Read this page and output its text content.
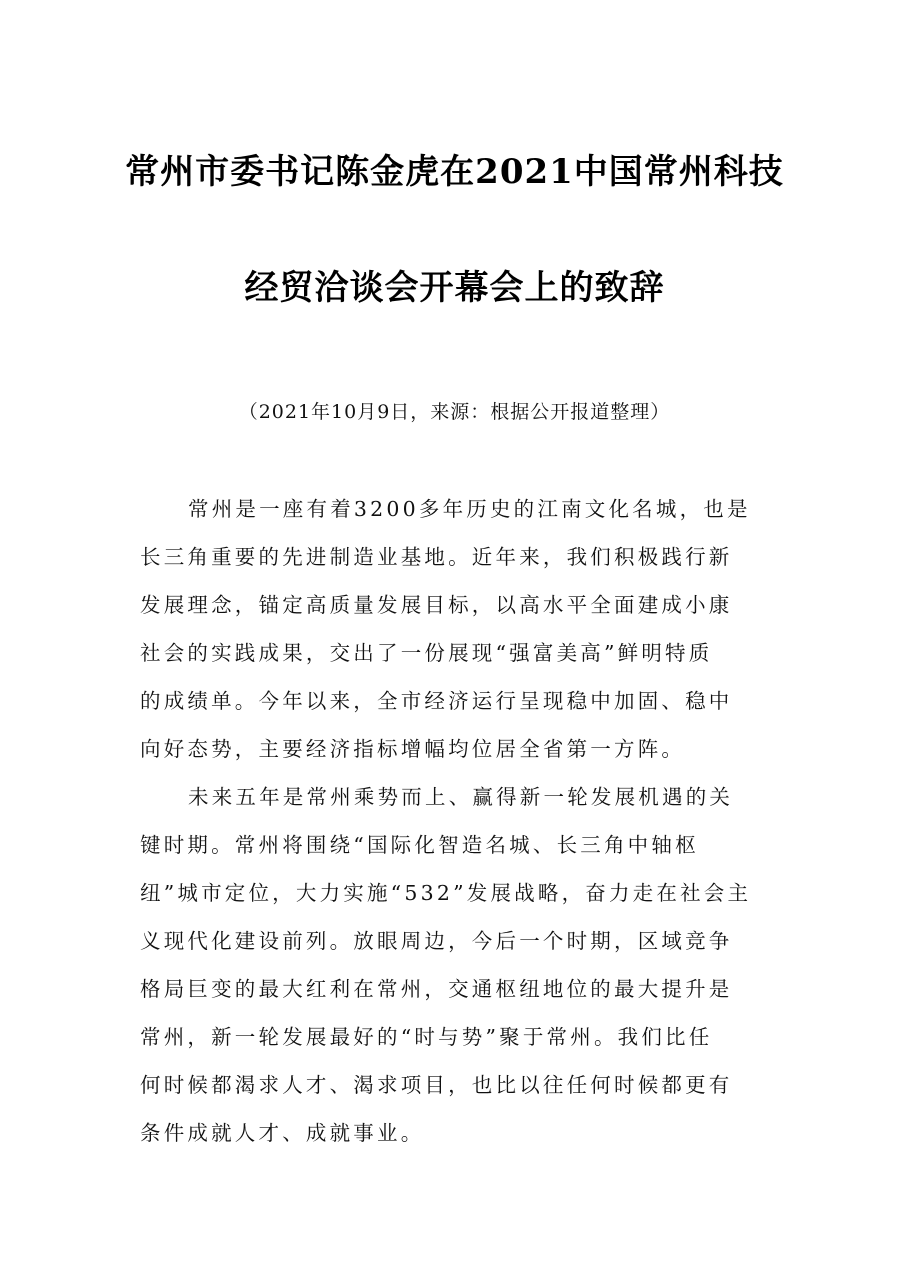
常州市委书记陈金虎在2021中国常州科技
经贸洽谈会开幕会上的致辞
（2021年10月9日，来源：根据公开报道整理）
常州是一座有着3200多年历史的江南文化名城，也是
长三角重要的先进制造业基地。近年来，我们积极践行新
发展理念，锚定高质量发展目标，以高水平全面建成小康
社会的实践成果，交出了一份展现“强富美高”鲜明特质
的成绩单。今年以来，全市经济运行呈现稳中加固、稳中
向好态势，主要经济指标增幅均位居全省第一方阵。
未来五年是常州乘势而上、赢得新一轮发展机遇的关
键时期。常州将围绕“国际化智造名城、长三角中轴枢
纽”城市定位，大力实施“532”发展战略，奋力走在社会主
义现代化建设前列。放眼周边，今后一个时期，区域竞争
格局巨变的最大红利在常州，交通枢纽地位的最大提升是
常州，新一轮发展最好的“时与势”聚于常州。我们比任
何时候都渴求人才、渴求项目，也比以往任何时候都更有
条件成就人才、成就事业。
